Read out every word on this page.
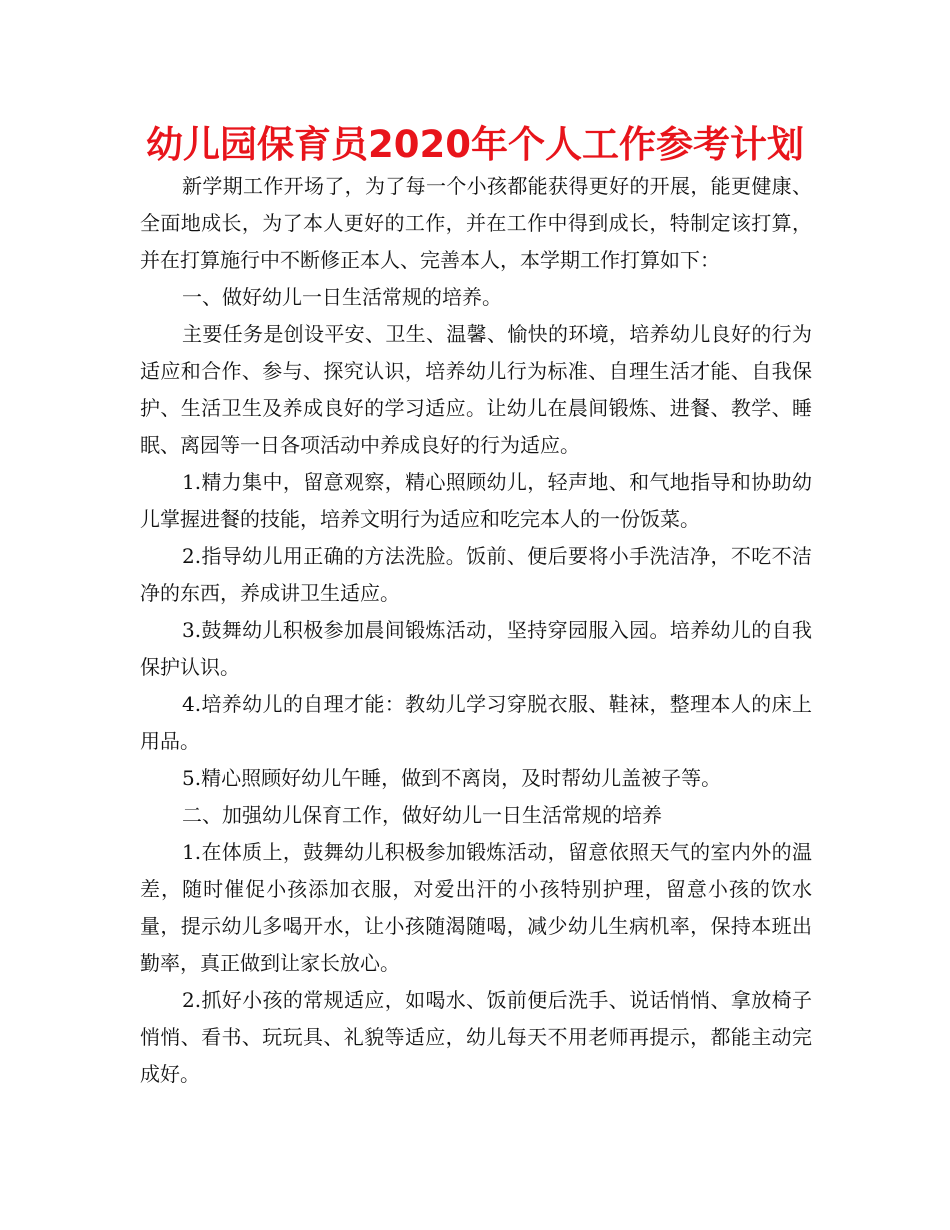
幼儿园保育员2020年个人工作参考计划

新学期工作开场了，为了每一个小孩都能获得更好的开展，能更健康、全面地成长，为了本人更好的工作，并在工作中得到成长，特制定该打算，并在打算施行中不断修正本人、完善本人，本学期工作打算如下：

一、做好幼儿一日生活常规的培养。

主要任务是创设平安、卫生、温馨、愉快的环境，培养幼儿良好的行为适应和合作、参与、探究认识，培养幼儿行为标准、自理生活才能、自我保护、生活卫生及养成良好的学习适应。让幼儿在晨间锻炼、进餐、教学、睡眠、离园等一日各项活动中养成良好的行为适应。

1.精力集中，留意观察，精心照顾幼儿，轻声地、和气地指导和协助幼儿掌握进餐的技能，培养文明行为适应和吃完本人的一份饭菜。

2.指导幼儿用正确的方法洗脸。饭前、便后要将小手洗洁净，不吃不洁净的东西，养成讲卫生适应。

3.鼓舞幼儿积极参加晨间锻炼活动，坚持穿园服入园。培养幼儿的自我保护认识。

4.培养幼儿的自理才能：教幼儿学习穿脱衣服、鞋袜，整理本人的床上用品。

5.精心照顾好幼儿午睡，做到不离岗，及时帮幼儿盖被子等。

二、加强幼儿保育工作，做好幼儿一日生活常规的培养

1.在体质上，鼓舞幼儿积极参加锻炼活动，留意依照天气的室内外的温差，随时催促小孩添加衣服，对爱出汗的小孩特别护理，留意小孩的饮水量，提示幼儿多喝开水，让小孩随渴随喝，减少幼儿生病机率，保持本班出勤率，真正做到让家长放心。

2.抓好小孩的常规适应，如喝水、饭前便后洗手、说话悄悄、拿放椅子悄悄、看书、玩玩具、礼貌等适应，幼儿每天不用老师再提示，都能主动完成好。
